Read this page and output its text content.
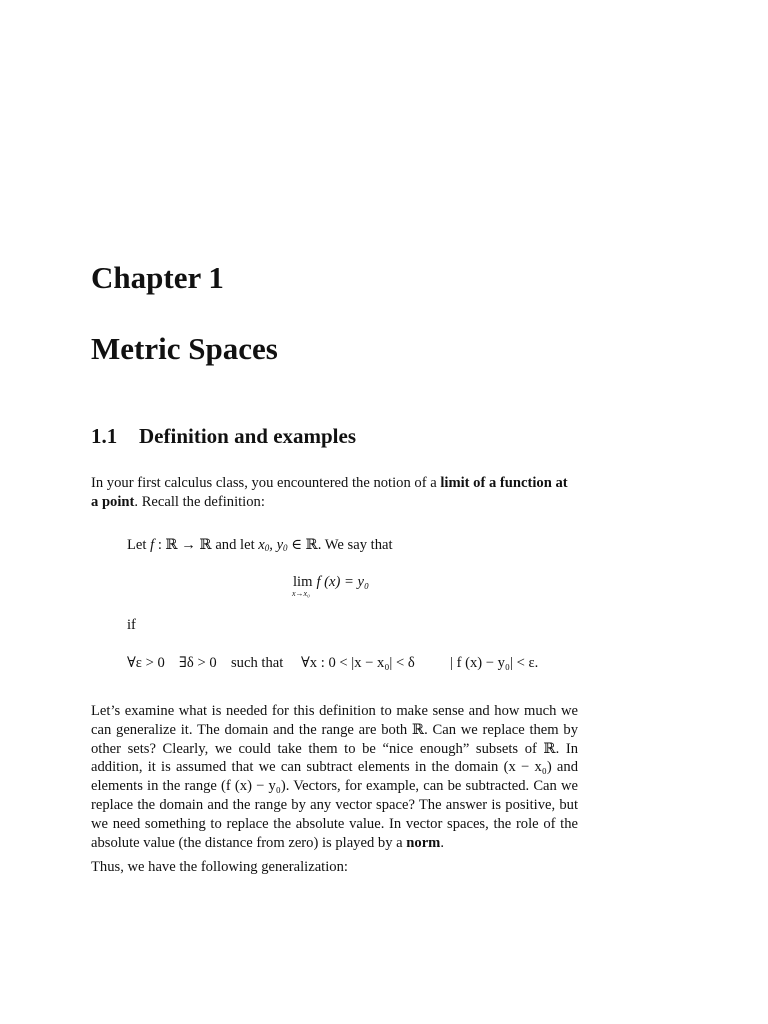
Chapter 1
Metric Spaces
1.1 Definition and examples
In your first calculus class, you encountered the notion of a limit of a function at a point. Recall the definition:
Let f : ℝ → ℝ and let $x_0$, $y_0$ ∈ ℝ. We say that
lim
x→x₀
f (x) = y₀
if
∀ε > 0 ∃δ > 0 such that ∀x : 0 < |x − x₀| < δ | f (x) − y₀| < ε.
Let’s examine what is needed for this definition to make sense and how much we can generalize it. The domain and the range are both ℝ. Can we replace them by other sets? Clearly, we could take them to be “nice enough” subsets of ℝ. In addition, it is assumed that we can subtract elements in the domain (x − x₀) and elements in the range (f (x) − y₀). Vectors, for example, can be subtracted. Can we replace the domain and the range by any vector space? The answer is positive, but we need something to replace the absolute value. In vector spaces, the role of the absolute value (the distance from zero) is played by a norm.
Thus, we have the following generalization:
